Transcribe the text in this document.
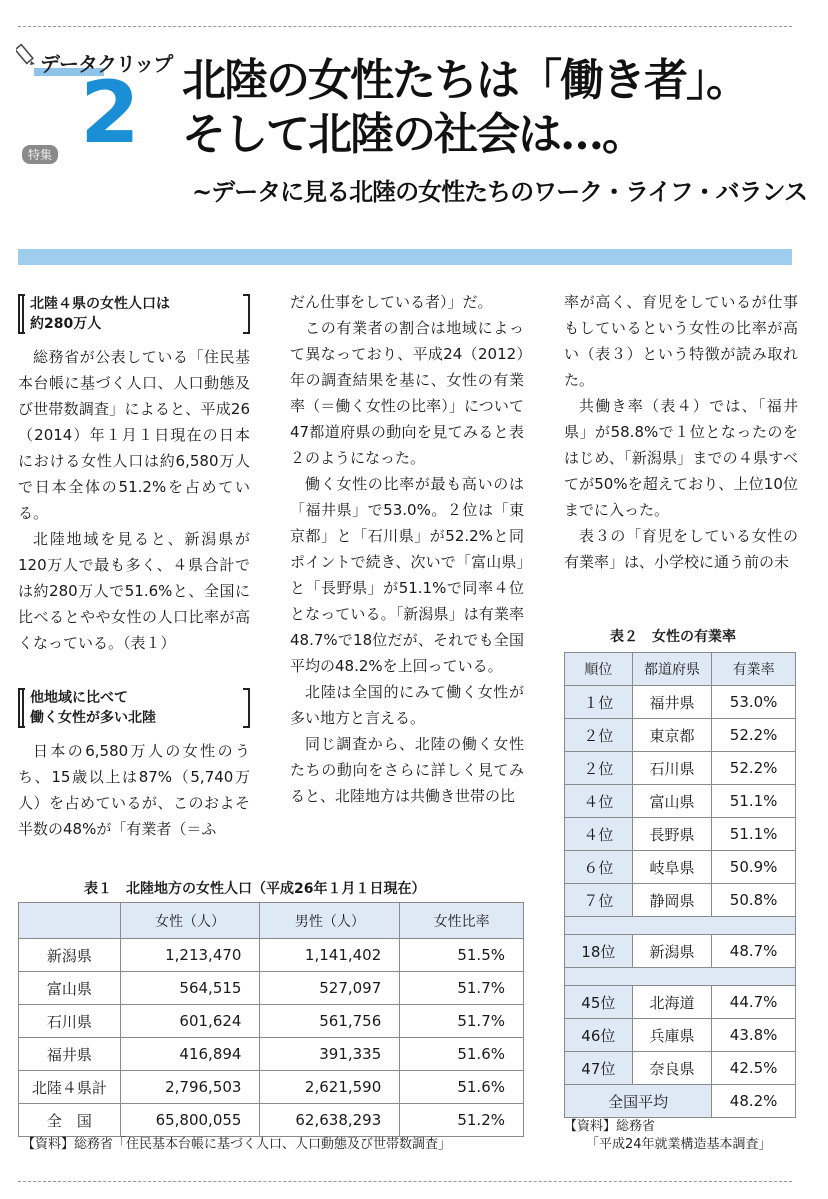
データクリップ
2
特集
北陸の女性たちは「働き者」。
そして北陸の社会は…。
~データに見る北陸の女性たちのワーク・ライフ・バランス
北陸４県の女性人口は
約280万人

総務省が公表している「住民基本台帳に基づく人口、人口動態及び世帯数調査」によると、平成26（2014）年１月１日現在の日本における女性人口は約6,580万人で日本全体の51.2%を占めている。

北陸地域を見ると、新潟県が120万人で最も多く、４県合計では約280万人で51.6%と、全国に比べるとやや女性の人口比率が高くなっている。（表１）

他地域に比べて
働く女性が多い北陸

日本の6,580万人の女性のうち、15歳以上は87%（5,740万人）を占めているが、このおよそ半数の48%が「有業者（＝ふ

だん仕事をしている者）」だ。

この有業者の割合は地域によって異なっており、平成24（2012）年の調査結果を基に、女性の有業率（＝働く女性の比率）」について47都道府県の動向を見てみると表２のようになった。

働く女性の比率が最も高いのは「福井県」で53.0%。２位は「東京都」と「石川県」が52.2%と同ポイントで続き、次いで「富山県」と「長野県」が51.1%で同率４位となっている。「新潟県」は有業率48.7%で18位だが、それでも全国平均の48.2%を上回っている。

北陸は全国的にみて働く女性が多い地方と言える。

同じ調査から、北陸の働く女性たちの動向をさらに詳しく見てみると、北陸地方は共働き世帯の比

率が高く、育児をしているが仕事もしているという女性の比率が高い（表３）という特徴が読み取れた。

共働き率（表４）では、「福井県」が58.8%で１位となったのをはじめ、「新潟県」までの４県すべてが50%を超えており、上位10位までに入った。

表３の「育児をしている女性の有業率」は、小学校に通う前の未

表２　女性の有業率
順位	都道府県	有業率
１位	福井県	53.0%
２位	東京都	52.2%
２位	石川県	52.2%
４位	富山県	51.1%
４位	長野県	51.1%
６位	岐阜県	50.9%
７位	静岡県	50.8%

18位	新潟県	48.7%

45位	北海道	44.7%
46位	兵庫県	43.8%
47位	奈良県	42.5%
全国平均		48.2%
【資料】総務省
「平成24年就業構造基本調査」
表１　北陸地方の女性人口（平成26年１月１日現在）
	女性（人）	男性（人）	女性比率
新潟県	1,213,470	1,141,402	51.5%
富山県	564,515	527,097	51.7%
石川県	601,624	561,756	51.7%
福井県	416,894	391,335	51.6%
北陸４県計	2,796,503	2,621,590	51.6%
全　国	65,800,055	62,638,293	51.2%
【資料】総務省「住民基本台帳に基づく人口、人口動態及び世帯数調査」
